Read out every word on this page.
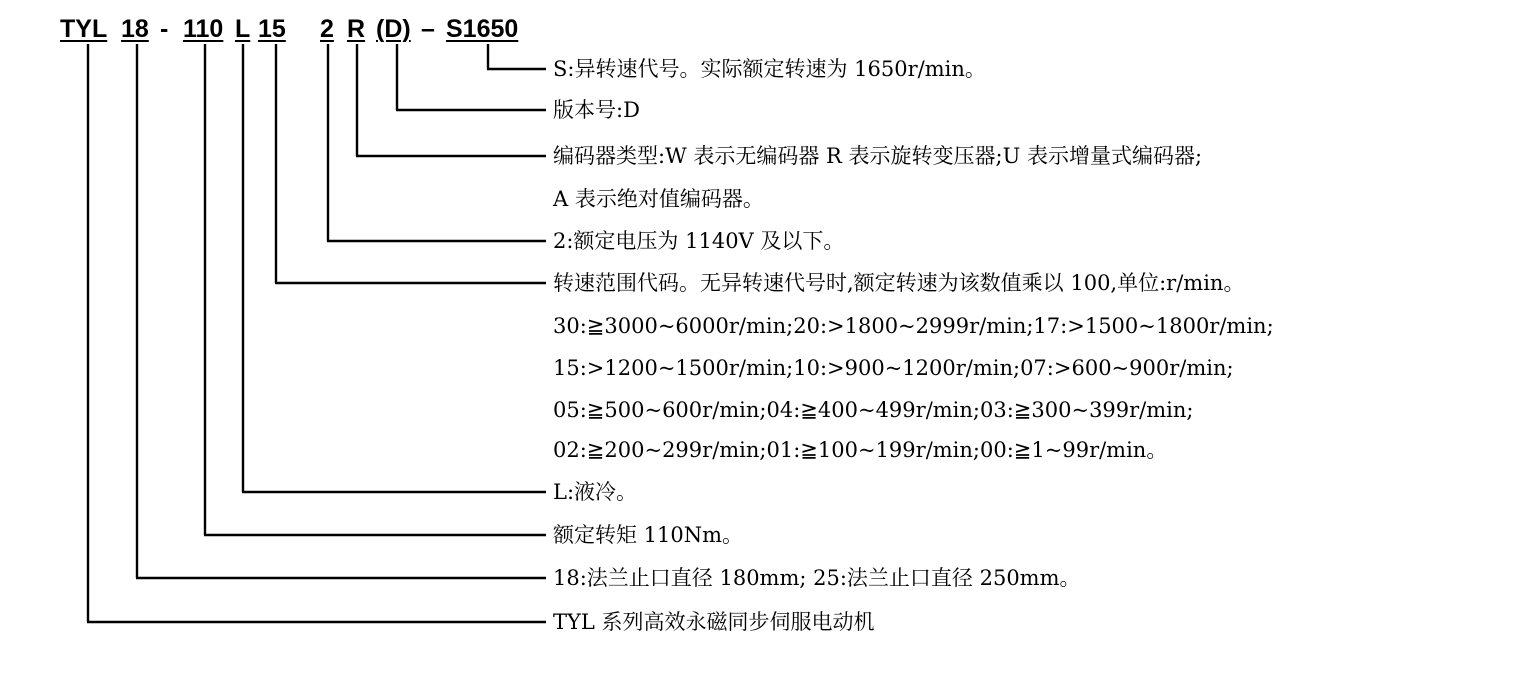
TYL 18 - 110 L 15 2 R (D) – S1650
S:异转速代号。实际额定转速为 1650r/min。
版本号:D
编码器类型:W 表示无编码器 R 表示旋转变压器;U 表示增量式编码器;
A 表示绝对值编码器。
2:额定电压为 1140V 及以下。
转速范围代码。无异转速代号时,额定转速为该数值乘以 100,单位:r/min。
30:≧3000~6000r/min;20:>1800~2999r/min;17:>1500~1800r/min;
15:>1200~1500r/min;10:>900~1200r/min;07:>600~900r/min;
05:≧500~600r/min;04:≧400~499r/min;03:≧300~399r/min;
02:≧200~299r/min;01:≧100~199r/min;00:≧1~99r/min。
L:液冷。
额定转矩 110Nm。
18:法兰止口直径 180mm; 25:法兰止口直径 250mm。
TYL 系列高效永磁同步伺服电动机
